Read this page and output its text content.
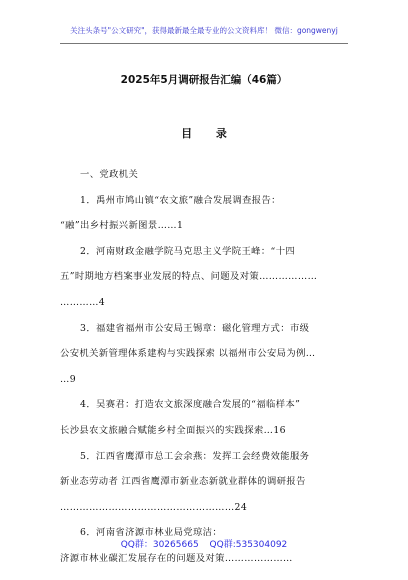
关注头条号"公文研究"，获得最新最全最专业的公文资料库！ 微信：gongwenyj
2025年5月调研报告汇编（46篇）
目 录
一、党政机关
1．禹州市鸠山镇“农文旅”融合发展调查报告：
“融”出乡村振兴新图景……1
2．河南财政金融学院马克思主义学院王峰：“十四
五”时期地方档案事业发展的特点、问题及对策………………
…………4
3．福建省福州市公安局王锡章：磁化管理方式：市级
公安机关新管理体系建构与实践探索 以福州市公安局为例…
…9
4．吴赛君：打造农文旅深度融合发展的“福临样本”
长沙县农文旅融合赋能乡村全面振兴的实践探索…16
5．江西省鹰潭市总工会余燕：发挥工会经费效能服务
新业态劳动者 江西省鹰潭市新业态新就业群体的调研报告
………………………………………………24
6．河南省济源市林业局党琼洁：
济源市林业碳汇发展存在的问题及对策…………………
QQ群：30265665 QQ群:535304092
